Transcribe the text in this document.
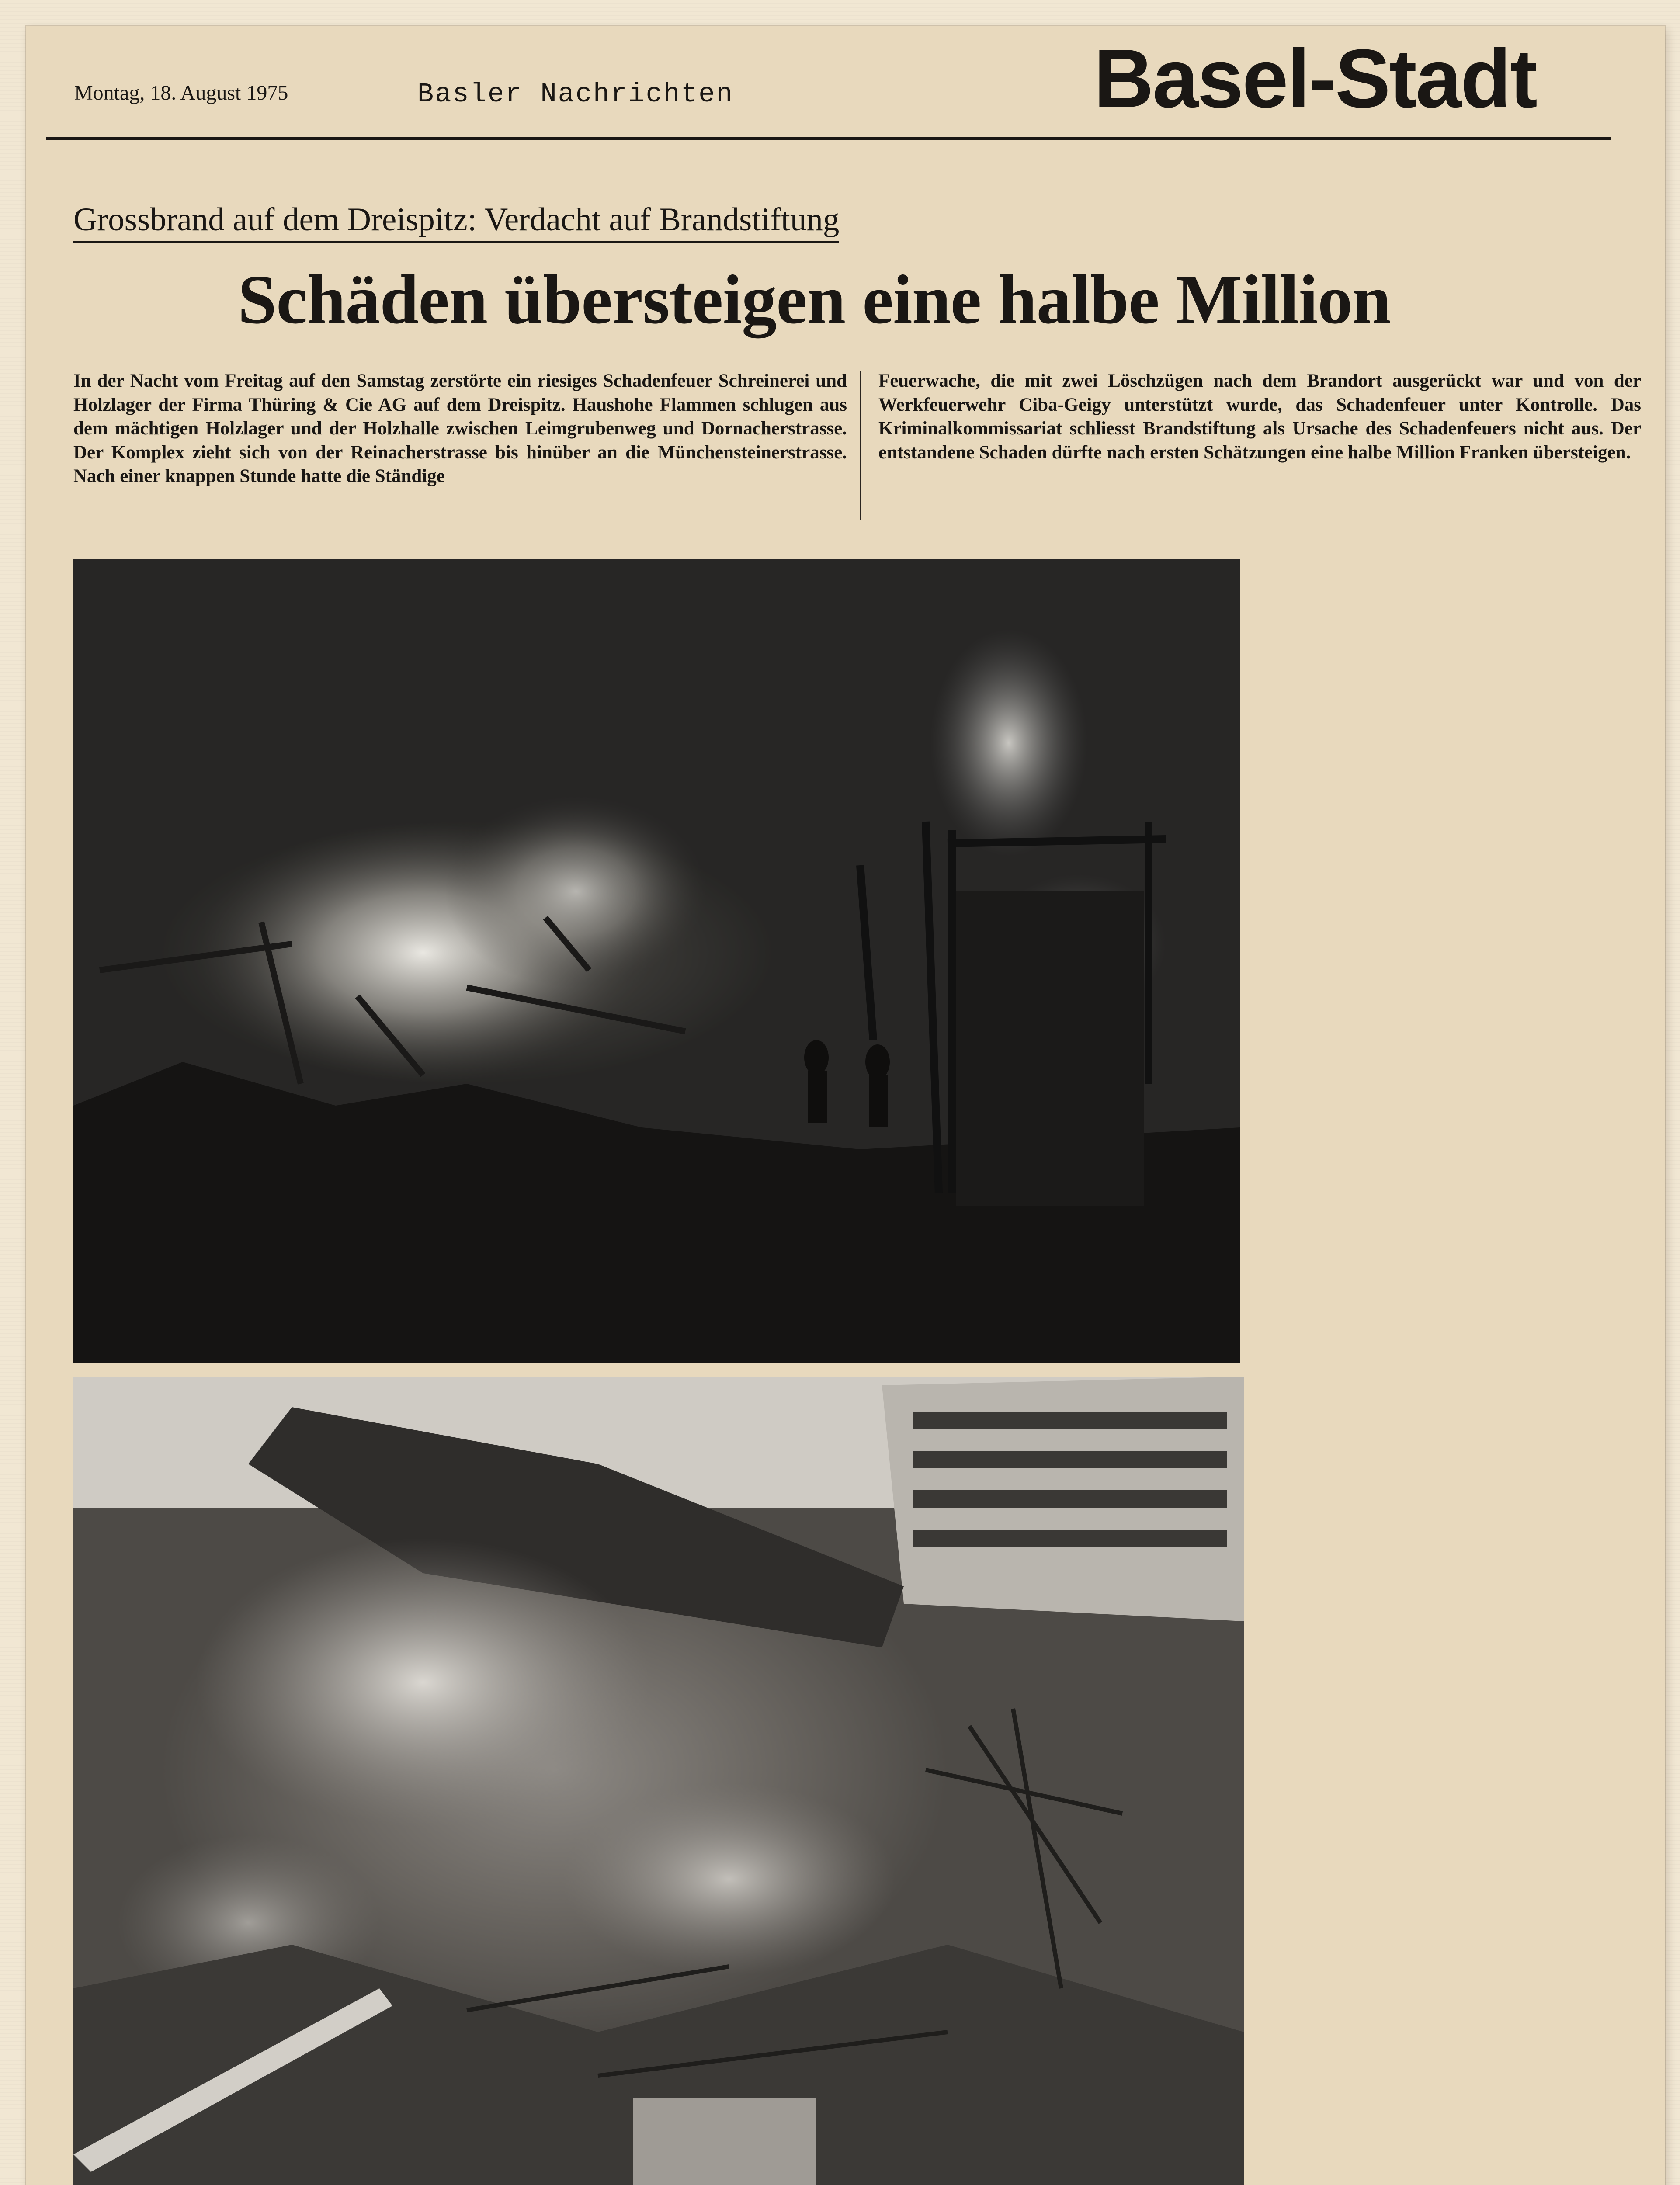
Montag, 18. August 1975	Basler Nachrichten	Basel-Stadt
Grossbrand auf dem Dreispitz: Verdacht auf Brandstiftung
Schäden übersteigen eine halbe Million
In der Nacht vom Freitag auf den Samstag zerstörte ein riesiges Schadenfeuer Schreinerei und Holzlager der Firma Thüring & Cie AG auf dem Dreispitz. Haushohe Flammen schlugen aus dem mächtigen Holzlager und der Holzhalle zwischen Leimgrubenweg und Dornacherstrasse. Der Komplex zieht sich von der Reinacherstrasse bis hinüber an die Münchensteinerstrasse. Nach einer knappen Stunde hatte die Ständige
Feuerwache, die mit zwei Löschzügen nach dem Brandort ausgerückt war und von der Werkfeuerwehr Ciba-Geigy unterstützt wurde, das Schadenfeuer unter Kontrolle. Das Kriminalkommissariat schliesst Brandstiftung als Ursache des Schadenfeuers nicht aus. Der entstandene Schaden dürfte nach ersten Schätzungen eine halbe Million Franken übersteigen.
